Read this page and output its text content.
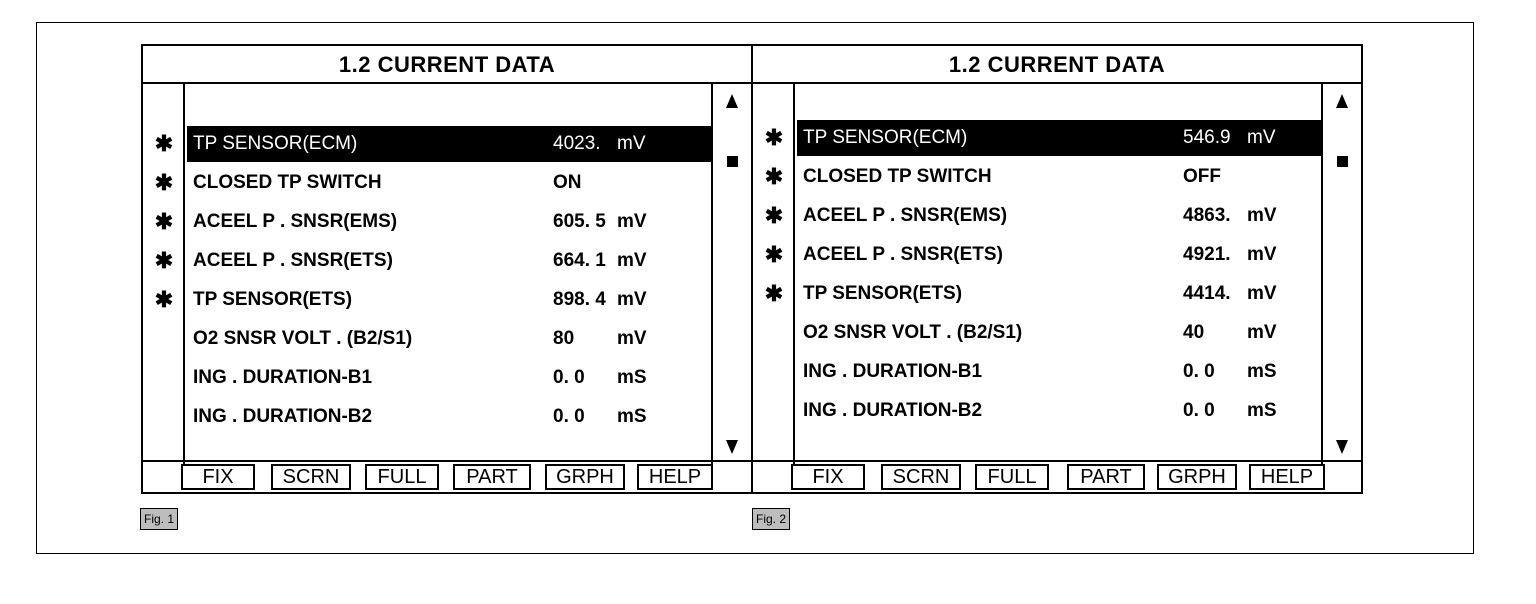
1.2 CURRENT DATA
✱	TP SENSOR(ECM)	4023. mV
✱	CLOSED TP SWITCH	ON
✱	ACEEL P . SNSR(EMS)	605. 5 mV
✱	ACEEL P . SNSR(ETS)	664. 1 mV
✱	TP SENSOR(ETS)	898. 4 mV
O2 SNSR VOLT . (B2/S1)	80 mV
ING . DURATION-B1	0. 0 mS
ING . DURATION-B2	0. 0 mS
FIX	SCRN	FULL	PART	GRPH	HELP
Fig. 1
1.2 CURRENT DATA
✱	TP SENSOR(ECM)	546.9 mV
✱	CLOSED TP SWITCH	OFF
✱	ACEEL P . SNSR(EMS)	4863. mV
✱	ACEEL P . SNSR(ETS)	4921. mV
✱	TP SENSOR(ETS)	4414. mV
O2 SNSR VOLT . (B2/S1)	40 mV
ING . DURATION-B1	0. 0 mS
ING . DURATION-B2	0. 0 mS
FIX	SCRN	FULL	PART	GRPH	HELP
Fig. 2
